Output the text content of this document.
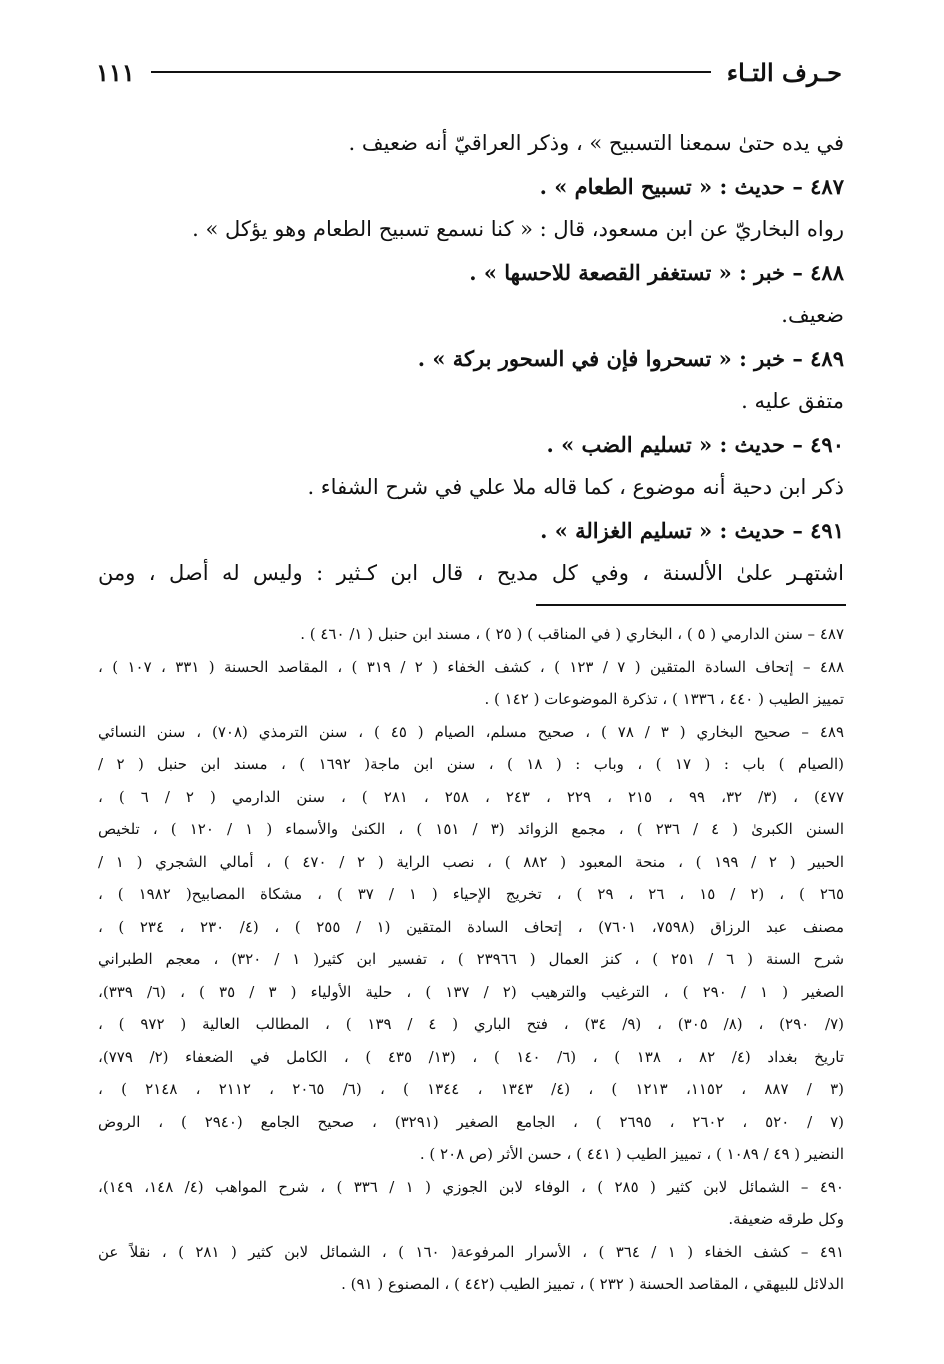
حـرف التـاء
١١١
في يده حتىٰ سمعنا التسبيح » ، وذكر العراقيّ أنه ضعيف .
٤٨٧ – حديث : « تسبيح الطعام » .
رواه البخاريّ عن ابن مسعود، قال : « كنا نسمع تسبيح الطعام وهو يؤكل » .
٤٨٨ – خبر : « تستغفر القصعة للاحسها » .
ضعيف.
٤٨٩ – خبر : « تسحروا فإن في السحور بركة » .
متفق عليه .
٤٩٠ – حديث : « تسليم الضب » .
ذكر ابن دحية أنه موضوع ، كما قاله ملا علي في شرح الشفاء .
٤٩١ – حديث : « تسليم الغزالة » .
اشتهـر علىٰ الألسنة ، وفي كل مديح ، قال ابن كـثير : وليس له أصل ، ومن
٤٨٧ – سنن الدارمي ( ٥ ) ، البخاري ( في المناقب ) ( ٢٥ ) ، مسند ابن حنبل ( ١/ ٤٦٠ ) .
٤٨٨ – إتحاف السادة المتقين ( ٧ / ١٢٣ ) ، كشف الخفاء ( ٢ / ٣١٩ ) ، المقاصد الحسنة ( ٣٣١ ، ١٠٧ ) ،
تمييز الطيب ( ٤٤٠ ، ١٣٣٦ ) ، تذكرة الموضوعات ( ١٤٢ ) .
٤٨٩ – صحيح البخاري ( ٣ / ٧٨ ) ، صحيح مسلم، الصيام ( ٤٥ ) ، سنن الترمذي (٧٠٨) ، سنن النسائي
(الصيام ) باب : ( ١٧ ) ، وباب : ( ١٨ ) ، سنن ابن ماجة( ١٦٩٢ ) ، مسند ابن حنبل ( ٢ /
٤٧٧) ، (٣/ ٣٢، ٩٩ ، ٢١٥ ، ٢٢٩ ، ٢٤٣ ، ٢٥٨ ، ٢٨١ ) ، سنن الدارمي ( ٢ / ٦ ) ،
السنن الكبرىٰ ( ٤ / ٢٣٦ ) ، مجمع الزوائد (٣ / ١٥١ ) ، الكنىٰ والأسماء ( ١ / ١٢٠ ) ، تلخيص
الحبير ( ٢ / ١٩٩ ) ، منحة المعبود ( ٨٨٢ ) ، نصب الراية ( ٢ / ٤٧٠ ) ، أمالي الشجري ( ١ /
٢٦٥ ) ، (٢ / ١٥ ، ٢٦ ، ٢٩ ) ، تخريج الإحياء ( ١ / ٣٧ ) ، مشكاة المصابيح( ١٩٨٢ ) ،
مصنف عبد الرزاق (٧٥٩٨، ٧٦٠١) ، إتحاف السادة المتقين (١ / ٢٥٥ ) ، (٤/ ٢٣٠ ، ٢٣٤ ) ،
شرح السنة ( ٦ / ٢٥١ ) ، كنز العمال ( ٢٣٩٦٦ ) ، تفسير ابن كثير( ١ / ٣٢٠) ، معجم الطبراني
الصغير ( ١ / ٢٩٠ ) ، الترغيب والترهيب (٢ / ١٣٧ ) ، حلية الأولياء ( ٣ / ٣٥ ) ، (٦/ ٣٣٩)،
(٧/ ٢٩٠) ، (٨/ ٣٠٥) ، (٩/ ٣٤) ، فتح الباري ( ٤ / ١٣٩ ) ، المطالب العالية ( ٩٧٢ ) ،
تاريخ بغداد (٤/ ٨٢ ، ١٣٨ ) ، (٦/ ١٤٠ ) ، (١٣/ ٤٣٥ ) ، الكامل في الضعفاء (٢/ ٧٧٩)،
(٣ / ٨٨٧ ، ١١٥٢، ١٢١٣ ) ، (٤/ ١٣٤٣ ، ١٣٤٤ ) ، (٦/ ٢٠٦٥ ، ٢١١٢ ، ٢١٤٨ ) ،
(٧ / ٥٢٠ ، ٢٦٠٢ ، ٢٦٩٥ ) ، الجامع الصغير (٣٢٩١) ، صحيح الجامع (٢٩٤٠ ) ، الروض
النضير ( ٤٩ / ١٠٨٩ ) ، تمييز الطيب ( ٤٤١ ) ، حسن الأثر (ص ٢٠٨ ) .
٤٩٠ – الشمائل لابن كثير ( ٢٨٥ ) ، الوفاء لابن الجوزي ( ١ / ٣٣٦ ) ، شرح المواهب (٤/ ١٤٨، ١٤٩)،
وكل طرقه ضعيفة.
٤٩١ – كشف الخفاء ( ١ / ٣٦٤ ) ، الأسرار المرفوعة( ١٦٠ ) ، الشمائل لابن كثير ( ٢٨١ ) ، نقلاً عن
الدلائل للبيهقي ، المقاصد الحسنة ( ٢٣٢ ) ، تمييز الطيب (٤٤٢ ) ، المصنوع ( ٩١) .
